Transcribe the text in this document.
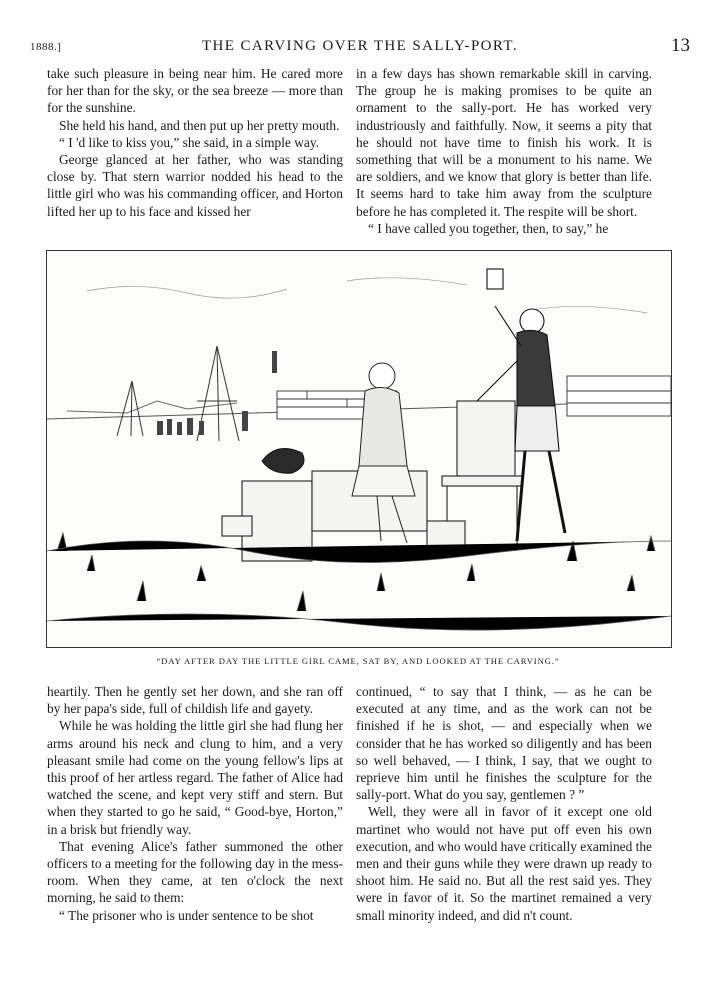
1888.]	THE CARVING OVER THE SALLY-PORT.	13

take such pleasure in being near him. He cared more for her than for the sky, or the sea breeze — more than for the sunshine.

She held his hand, and then put up her pretty mouth.

“ I 'd like to kiss you,” she said, in a simple way.

George glanced at her father, who was standing close by. That stern warrior nodded his head to the little girl who was his commanding officer, and Horton lifted her up to his face and kissed her

in a few days has shown remarkable skill in carving. The group he is making promises to be quite an ornament to the sally-port. He has worked very industriously and faithfully. Now, it seems a pity that he should not have time to finish his work. It is something that will be a monument to his name. We are soldiers, and we know that glory is better than life. It seems hard to take him away from the sculpture before he has completed it. The respite will be short.

“ I have called you together, then, to say,” he

“DAY AFTER DAY THE LITTLE GIRL CAME, SAT BY, AND LOOKED AT THE CARVING.”

heartily. Then he gently set her down, and she ran off by her papa's side, full of childish life and gayety.

While he was holding the little girl she had flung her arms around his neck and clung to him, and a very pleasant smile had come on the young fellow's lips at this proof of her artless regard. The father of Alice had watched the scene, and kept very stiff and stern. But when they started to go he said, “ Good-bye, Horton,” in a brisk but friendly way.

That evening Alice's father summoned the other officers to a meeting for the following day in the mess-room. When they came, at ten o'clock the next morning, he said to them:

“ The prisoner who is under sentence to be shot

continued, “ to say that I think, — as he can be executed at any time, and as the work can not be finished if he is shot, — and especially when we consider that he has worked so diligently and has been so well behaved, — I think, I say, that we ought to reprieve him until he finishes the sculpture for the sally-port. What do you say, gentlemen ? ”

Well, they were all in favor of it except one old martinet who would not have put off even his own execution, and who would have critically examined the men and their guns while they were drawn up ready to shoot him. He said no. But all the rest said yes. They were in favor of it. So the martinet remained a very small minority indeed, and did n't count.
